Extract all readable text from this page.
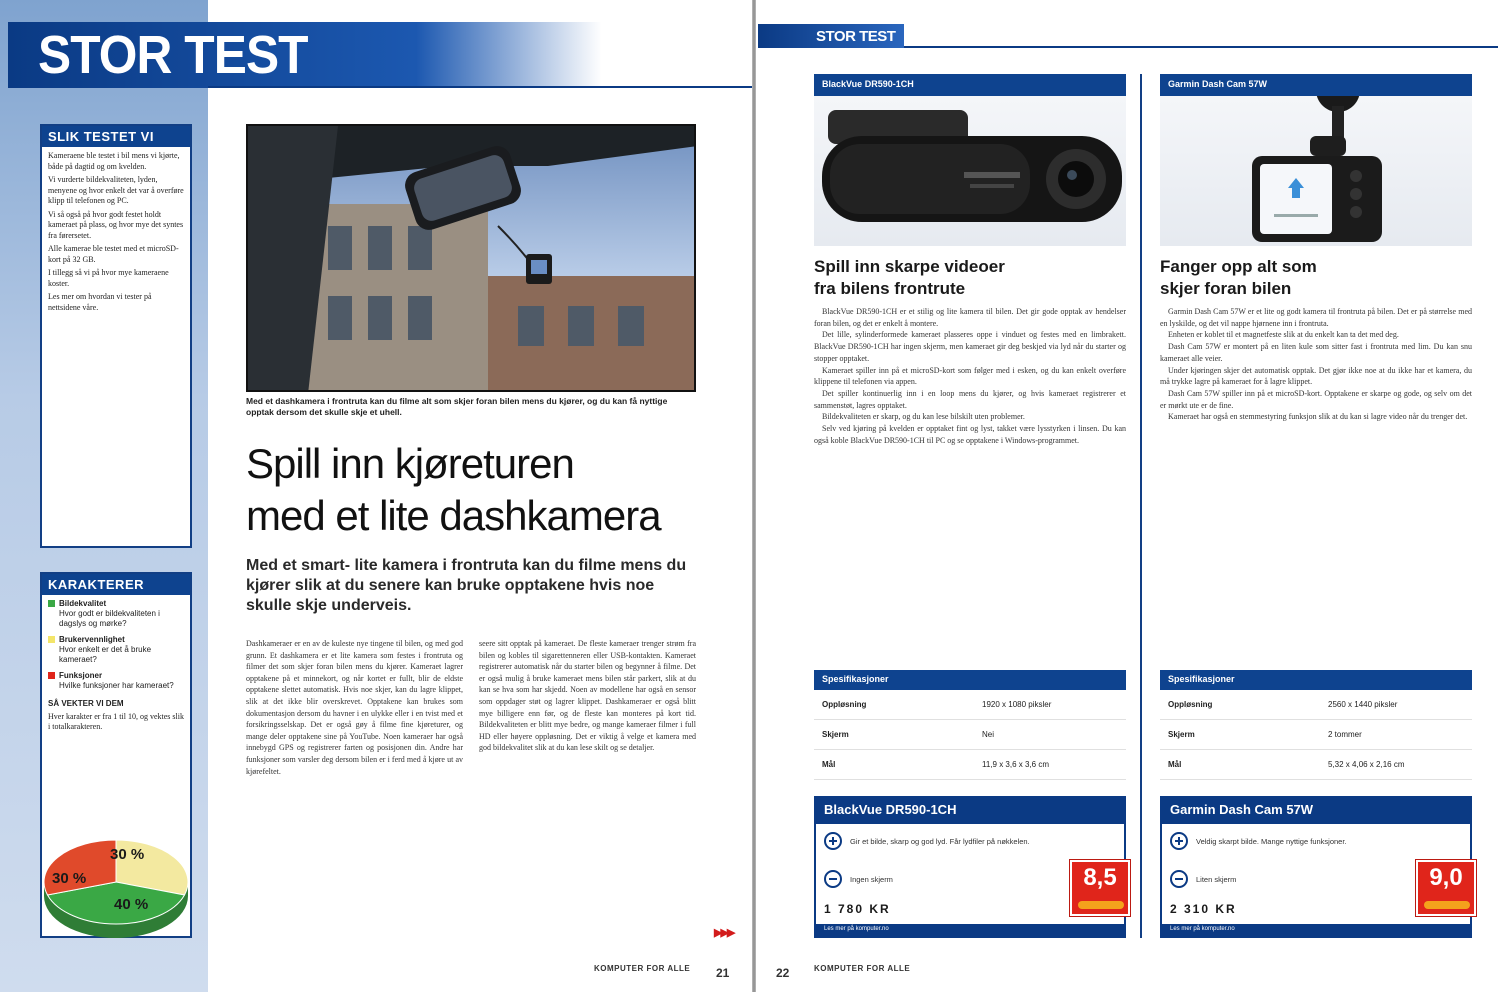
STOR TEST
SLIK TESTET VI

Kameraene ble testet i bil mens vi kjørte, både på dagtid og om kvelden.

Vi vurderte bildekvaliteten, lyden, menyene og hvor enkelt det var å overføre klipp til telefonen og PC.

Vi så også på hvor godt festet holdt kameraet på plass, og hvor mye det syntes fra førersetet.

Alle kamerae ble testet med et microSD-kort på 32 GB.

I tillegg så vi på hvor mye kameraene koster.

Les mer om hvordan vi tester på nettsidene våre.

KARAKTERER
Bildekvalitet
Hvor godt er bildekvaliteten i dagslys og mørke?
Brukervennlighet
Hvor enkelt er det å bruke kameraet?
Funksjoner
Hvilke funksjoner har kameraet?
SÅ VEKTER VI DEM
Hver karakter er fra 1 til 10, og vektes slik i totalkarakteren.
30 %
40 %
30 %
Med et dashkamera i frontruta kan du filme alt som skjer foran bilen mens du kjører, og du kan få nyttige opptak dersom det skulle skje et uhell.
Spill inn kjøreturen
med et lite dashkamera
Med et smart- lite kamera i frontruta kan du filme mens du kjører slik at du senere kan bruke opptakene hvis noe skulle skje underveis.
Dashkameraer er en av de kuleste nye tingene til bilen, og med god grunn. Et dashkamera er et lite kamera som festes i frontruta og filmer det som skjer foran bilen mens du kjører. Kameraet lagrer opptakene på et minnekort, og når kortet er fullt, blir de eldste opptakene slettet automatisk. Hvis noe skjer, kan du lagre klippet, slik at det ikke blir overskrevet. Opptakene kan brukes som dokumentasjon dersom du havner i en ulykke eller i en tvist med et forsikringsselskap. Det er også gøy å filme fine kjøreturer, og mange deler opptakene sine på YouTube. Noen kameraer har også innebygd GPS og registrerer farten og posisjonen din. Andre har funksjoner som varsler deg dersom bilen er i ferd med å kjøre ut av kjørefeltet.
seere sitt opptak på kameraet. De fleste kameraer trenger strøm fra bilen og kobles til sigarettenneren eller USB-kontakten. Kameraet registrerer automatisk når du starter bilen og begynner å filme. Det er også mulig å bruke kameraet mens bilen står parkert, slik at du kan se hva som har skjedd. Noen av modellene har også en sensor som oppdager støt og lagrer klippet. Dashkameraer er også blitt mye billigere enn før, og de fleste kan monteres på kort tid. Bildekvaliteten er blitt mye bedre, og mange kameraer filmer i full HD eller høyere oppløsning. Det er viktig å velge et kamera med god bildekvalitet slik at du kan lese skilt og se detaljer.
▶▶▶
KOMPUTER FOR ALLE 21
STOR TEST
BlackVue DR590-1CH
Spill inn skarpe videoer
fra bilens frontrute

BlackVue DR590-1CH er et stilig og lite kamera til bilen. Det gir gode opptak av hendelser foran bilen, og det er enkelt å montere.

Det lille, sylinderformede kameraet plasseres oppe i vinduet og festes med en limbrakett. BlackVue DR590-1CH har ingen skjerm, men kameraet gir deg beskjed via lyd når du starter og stopper opptaket.

Kameraet spiller inn på et microSD-kort som følger med i esken, og du kan enkelt overføre klippene til telefonen via appen.

Det spiller kontinuerlig inn i en loop mens du kjører, og hvis kameraet registrerer et sammenstøt, lagres opptaket.

Bildekvaliteten er skarp, og du kan lese bilskilt uten problemer.

Selv ved kjøring på kvelden er opptaket fint og lyst, takket være lysstyrken i linsen. Du kan også koble BlackVue DR590-1CH til PC og se opptakene i Windows-programmet.

Spesifikasjoner
Oppløsning	1920 x 1080 piksler
Skjerm	Nei
Mål	11,9 x 3,6 x 3,6 cm
BlackVue DR590-1CH
Gir et bilde, skarp og god lyd. Får lydfiler på nøkkelen.
Ingen skjerm
1 780 KR
8,5
Les mer på komputer.no
Garmin Dash Cam 57W
Fanger opp alt som
skjer foran bilen

Garmin Dash Cam 57W er et lite og godt kamera til frontruta på bilen. Det er på størrelse med en lyskilde, og det vil nappe hjørnene inn i frontruta.

Enheten er koblet til et magnetfeste slik at du enkelt kan ta det med deg.

Dash Cam 57W er montert på en liten kule som sitter fast i frontruta med lim. Du kan snu kameraet alle veier.

Under kjøringen skjer det automatisk opptak. Det gjør ikke noe at du ikke har et kamera, du må trykke lagre på kameraet for å lagre klippet.

Dash Cam 57W spiller inn på et microSD-kort. Opptakene er skarpe og gode, og selv om det er mørkt ute er de fine.

Kameraet har også en stemmestyring funksjon slik at du kan si lagre video når du trenger det.

Spesifikasjoner
Oppløsning	2560 x 1440 piksler
Skjerm	2 tommer
Mål	5,32 x 4,06 x 2,16 cm
Garmin Dash Cam 57W
Veldig skarpt bilde. Mange nyttige funksjoner.
Liten skjerm
2 310 KR
9,0
Les mer på komputer.no
22	KOMPUTER FOR ALLE
